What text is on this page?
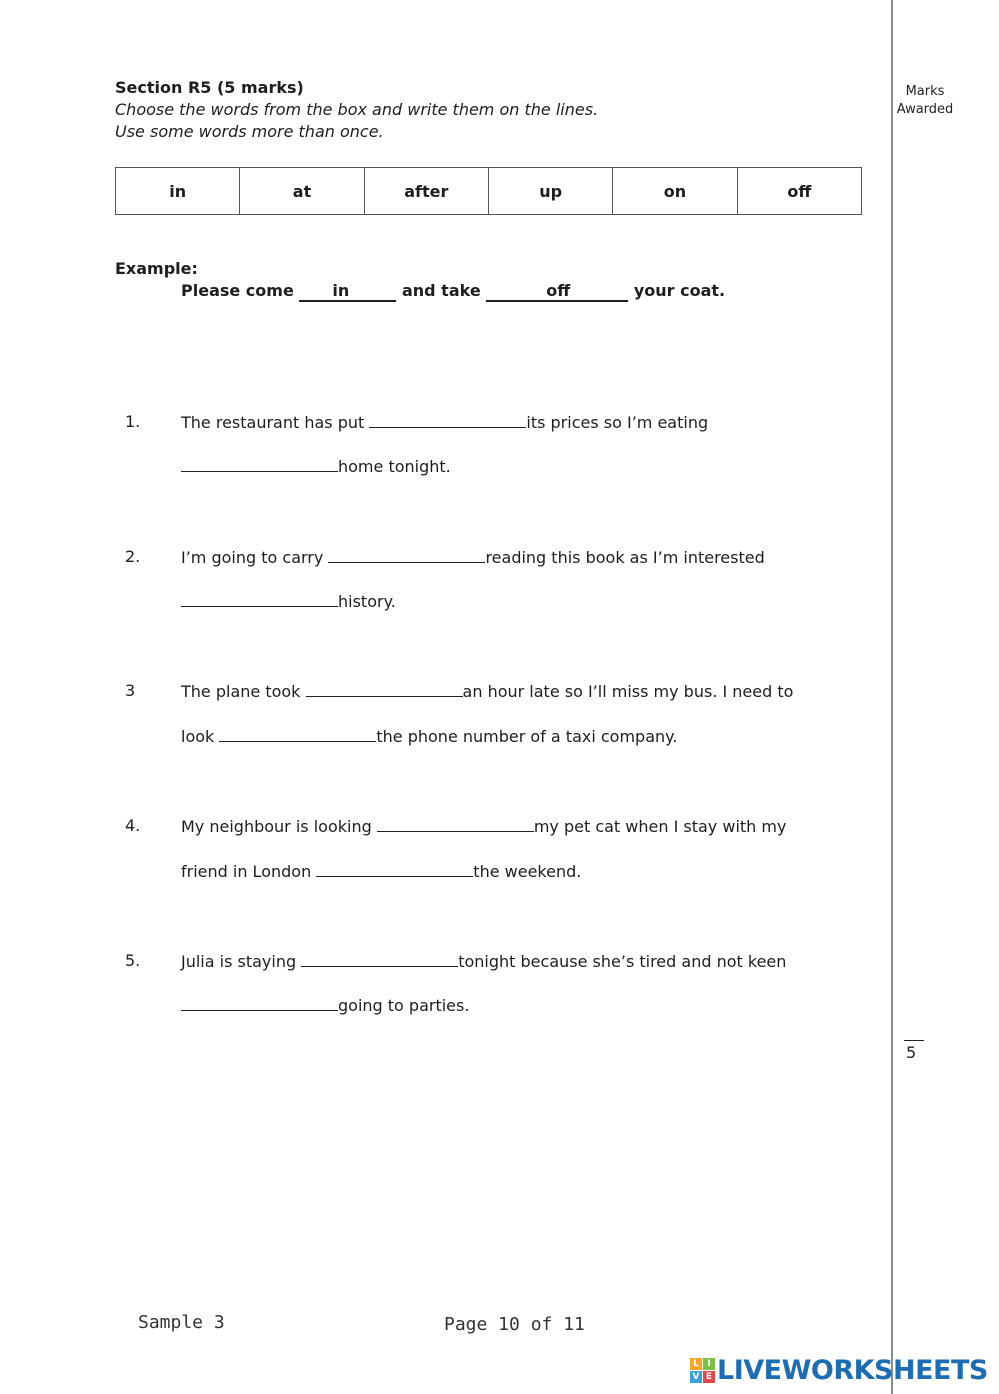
Marks
Awarded
5
Section R5 (5 marks)
Choose the words from the box and write them on the lines.
Use some words more than once.
in	at	after	up	on	off
Example:
Please come in	and take	off	your coat.
1.	The restaurant has put	its prices so I’m eating
home tonight.
2.	I’m going to carry	reading this book as I’m interested
history.
3	The plane took	an hour late so I’ll miss my bus. I need to
look	the phone number of a taxi company.
4.	My neighbour is looking	my pet cat when I stay with my
friend in London	the weekend.
5.	Julia is staying	tonight because she’s tired and not keen
going to parties.
Sample 3	Page 10 of 11
L I
V E LIVEWORKSHEETS
